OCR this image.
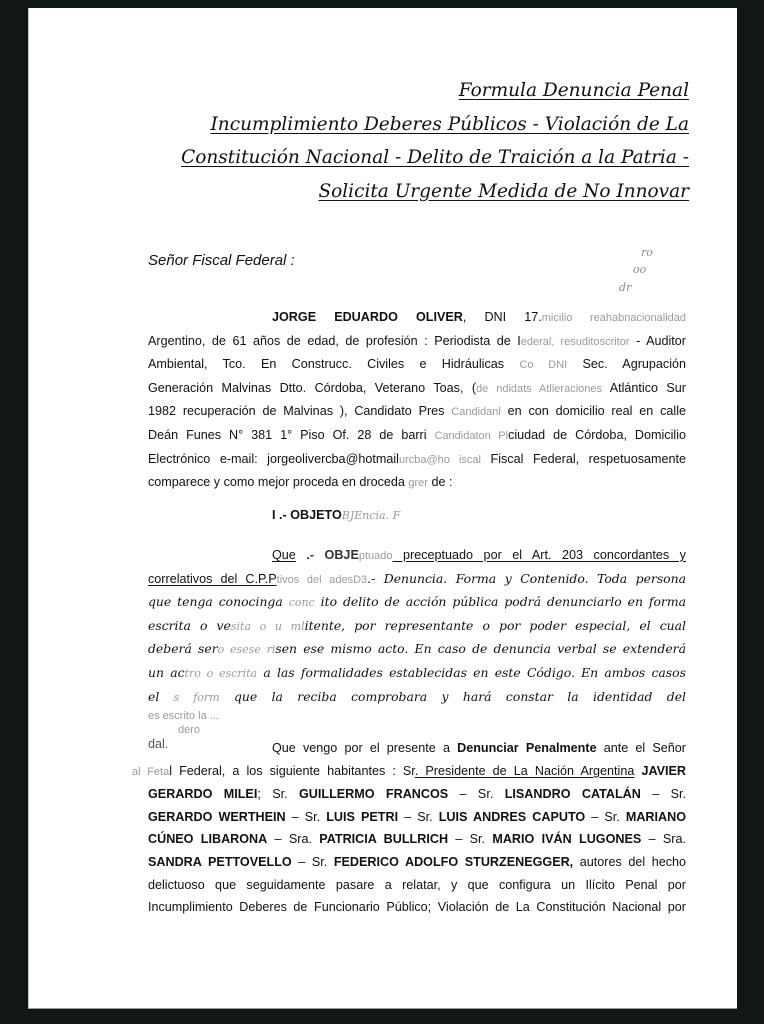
Formula Denuncia Penal
Incumplimiento Deberes Públicos - Violación de La
Constitución Nacional - Delito de Traición a la Patria -
Solicita Urgente Medida de No Innovar
Señor Fiscal Federal :	ro
oo
dr
JORGE EDUARDO OLIVER, DNI 17.micilio reahabnacionalidad
Argentino, de 61 años de edad, de profesión : Periodista de Iederal, resuditoscritor - Auditor
Ambiental, Tco. En Construcc. Civiles e Hidráulicas Co DNI Sec. Agrupación
Generación Malvinas Dtto. Córdoba, Veterano Toas, (de ndidats Atlieraciones Atlántico Sur
1982 recuperación de Malvinas ), Candidato Pres Candidanl en con domicilio real en calle
Deán Funes N° 381 1° Piso Of. 28 de barri Candidaton Plciudad de Córdoba, Domicilio
Electrónico e-mail: jorgeolivercba@hotmailurcba@ho iscal Fiscal Federal, respetuosamente
comparece y como mejor proceda en droceda grer de :
I .- OBJETOBJEncia. F
Que .- OBJEptuado preceptuado por el Art. 203 concordantes y
correlativos del C.P.Ptivos del adesD3.- Denuncia. Forma y Contenido. Toda persona
que tenga conocinga conc ito delito de acción pública podrá denunciarlo en forma
escrita o vesita o u mlitente, por representante o por poder especial, el cual
deberá sero esese risen ese mismo acto. En caso de denuncia verbal se extenderá
un actro o escrita a las formalidades establecidas en este Código. En ambos casos
el s form que la reciba comprobara y hará constar la identidad del
es escrito la ...
dero
dal.	Que vengo por el presente a Denunciar Penalmente ante el Señor
al Fetal Federal, a los siguiente habitantes : Sr. Presidente de La Nación Argentina JAVIER
GERARDO MILEI; Sr. GUILLERMO FRANCOS – Sr. LISANDRO CATALÁN – Sr.
GERARDO WERTHEIN – Sr. LUIS PETRI – Sr. LUIS ANDRES CAPUTO – Sr. MARIANO
CÚNEO LIBARONA – Sra. PATRICIA BULLRICH – Sr. MARIO IVÁN LUGONES – Sra.
SANDRA PETTOVELLO – Sr. FEDERICO ADOLFO STURZENEGGER, autores del hecho
delictuoso que seguidamente pasare a relatar, y que configura un Ilícito Penal por
Incumplimiento Deberes de Funcionario Público; Violación de La Constitución Nacional por
